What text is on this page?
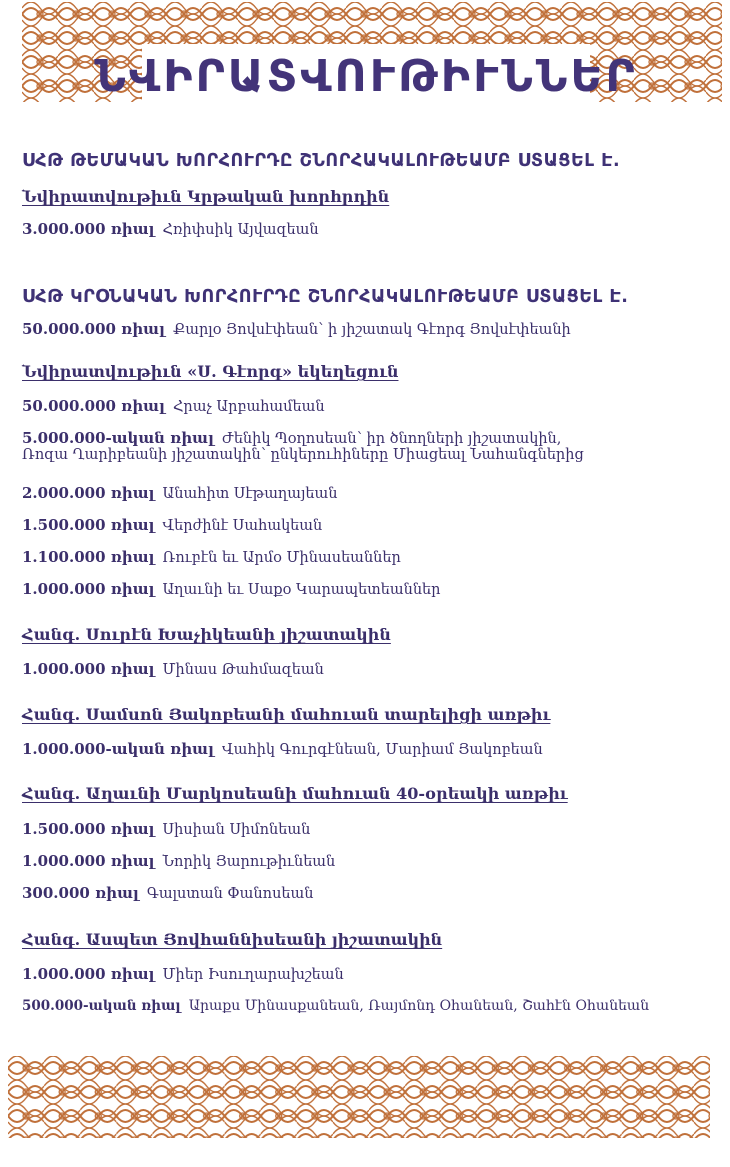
ՆՎԻՐԱՏՎՈՒԹԻՒՆՆԵՐ

ՍՀԹ ԹԵՄԱԿԱՆ ԽՈՐՀՈՒՐԴԸ ՇՆՈՐՀԱԿԱԼՈՒԹԵԱՄԲ ՍՏԱՑԵԼ Է.

Նվիրատվութիւն Կրթական խորհրդին

3.000.000 ռիալ Հռիփսիկ Այվազեան

ՍՀԹ ԿՐՕՆԱԿԱՆ ԽՈՐՀՈՒՐԴԸ ՇՆՈՐՀԱԿԱԼՈՒԹԵԱՄԲ ՍՏԱՑԵԼ Է.

50.000.000 ռիալ Քարլօ Յովսէփեան՝ ի յիշատակ Գէորգ Յովսէփեանի

Նվիրատվութիւն «Ս. Գէորգ» եկեղեցուն

50.000.000 ռիալ Հրաչ Արբահամեան

5.000.000-ական ռիալ Ժենիկ Պօղոսեան՝ իր ծնողների յիշատակին,
Ռոզա Ղարիբեանի յիշատակին՝ ընկերուհիները Միացեալ Նահանգներից

2.000.000 ռիալ Անահիտ Սէթաղայեան

1.500.000 ռիալ Վերժինէ Սահակեան

1.100.000 ռիալ Ռուբէն եւ Արմօ Մինասեաններ

1.000.000 ռիալ Աղաւնի եւ Սաքօ Կարապետեաններ

Հանգ. Սուրէն Խաչիկեանի յիշատակին

1.000.000 ռիալ Մինաս Թահմազեան

Հանգ. Սամսոն Յակոբեանի մահուան տարելիցի առթիւ

1.000.000-ական ռիալ Վաhիկ Գուրգէնեան, Մարիամ Յակոբեան

Հանգ. Աղաւնի Մարկոսեանի մահուան 40-օրեակի առթիւ

1.500.000 ռիալ Սիսիան Սիմոնեան

1.000.000 ռիալ Նորիկ Յարութիւնեան

300.000 ռիալ Գալստան Փանոսեան

Հանգ. Ասպետ Յովհաննիսեանի յիշատակին

1.000.000 ռիալ Միեր Իսուղարախշեան

500.000-ական ռիալ Արաքս Մինասքանեան, Ռայմոնդ Օհանեան, Շահէն Օհանեան
